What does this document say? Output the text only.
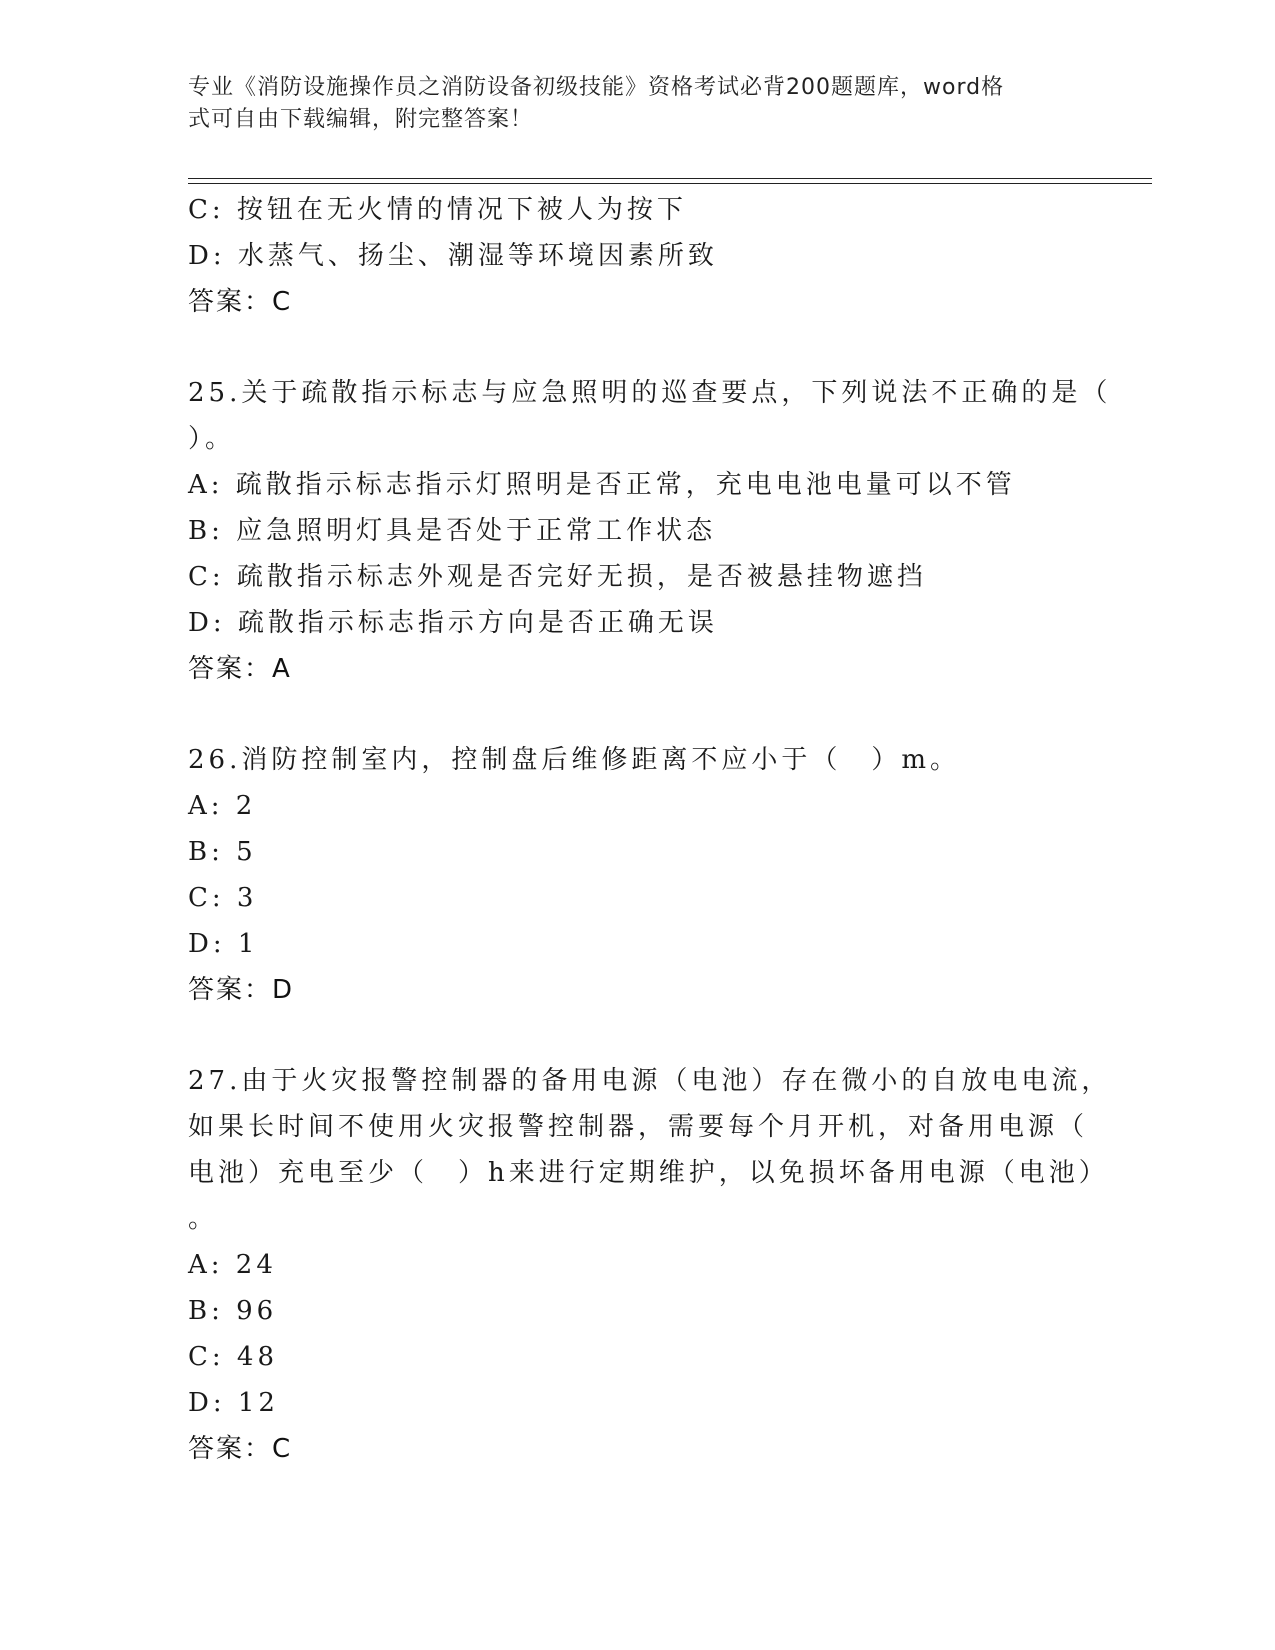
专业《消防设施操作员之消防设备初级技能》资格考试必背200题题库，word格
式可自由下载编辑，附完整答案！
C: 按钮在无火情的情况下被人为按下
D: 水蒸气、扬尘、潮湿等环境因素所致
答案：C
25.关于疏散指示标志与应急照明的巡查要点，下列说法不正确的是（
）。
A: 疏散指示标志指示灯照明是否正常，充电电池电量可以不管
B: 应急照明灯具是否处于正常工作状态
C: 疏散指示标志外观是否完好无损，是否被悬挂物遮挡
D: 疏散指示标志指示方向是否正确无误
答案：A
26.消防控制室内，控制盘后维修距离不应小于（　）m。
A: 2
B: 5
C: 3
D: 1
答案：D
27.由于火灾报警控制器的备用电源（电池）存在微小的自放电电流，
如果长时间不使用火灾报警控制器，需要每个月开机，对备用电源（
电池）充电至少（　）h来进行定期维护，以免损坏备用电源（电池）
。
A: 24
B: 96
C: 48
D: 12
答案：C
